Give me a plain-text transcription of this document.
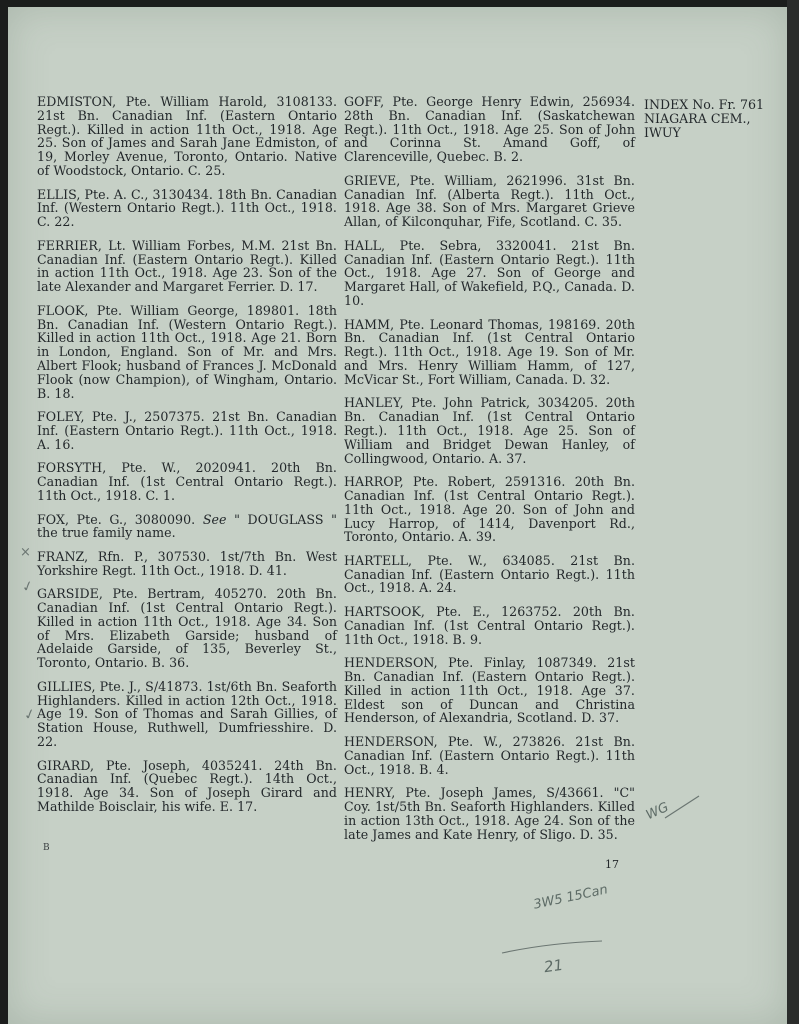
EDMISTON, Pte. William Harold, 3108133. 21st Bn. Canadian Inf. (Eastern Ontario Regt.). Killed in action 11th Oct., 1918. Age 25. Son of James and Sarah Jane Edmiston, of 19, Morley Avenue, Toronto, Ontario. Native of Woodstock, Ontario. C. 25.

ELLIS, Pte. A. C., 3130434. 18th Bn. Canadian Inf. (Western Ontario Regt.). 11th Oct., 1918. C. 22.

FERRIER, Lt. William Forbes, M.M. 21st Bn. Canadian Inf. (Eastern Ontario Regt.). Killed in action 11th Oct., 1918. Age 23. Son of the late Alexander and Margaret Ferrier. D. 17.

FLOOK, Pte. William George, 189801. 18th Bn. Canadian Inf. (Western Ontario Regt.). Killed in action 11th Oct., 1918. Age 21. Born in London, England. Son of Mr. and Mrs. Albert Flook; husband of Frances J. McDonald Flook (now Champion), of Wingham, Ontario. B. 18.

FOLEY, Pte. J., 2507375. 21st Bn. Canadian Inf. (Eastern Ontario Regt.). 11th Oct., 1918. A. 16.

FORSYTH, Pte. W., 2020941. 20th Bn. Canadian Inf. (1st Central Ontario Regt.). 11th Oct., 1918. C. 1.

FOX, Pte. G., 3080090. See " DOUGLASS " the true family name.

FRANZ, Rfn. P., 307530. 1st/7th Bn. West Yorkshire Regt. 11th Oct., 1918. D. 41.

GARSIDE, Pte. Bertram, 405270. 20th Bn. Canadian Inf. (1st Central Ontario Regt.). Killed in action 11th Oct., 1918. Age 34. Son of Mrs. Elizabeth Garside; husband of Adelaide Garside, of 135, Beverley St., Toronto, Ontario. B. 36.

GILLIES, Pte. J., S/41873. 1st/6th Bn. Seaforth Highlanders. Killed in action 12th Oct., 1918. Age 19. Son of Thomas and Sarah Gillies, of Station House, Ruthwell, Dumfriesshire. D. 22.

GIRARD, Pte. Joseph, 4035241. 24th Bn. Canadian Inf. (Quebec Regt.). 14th Oct., 1918. Age 34. Son of Joseph Girard and Mathilde Boisclair, his wife. E. 17.

GOFF, Pte. George Henry Edwin, 256934. 28th Bn. Canadian Inf. (Saskatchewan Regt.). 11th Oct., 1918. Age 25. Son of John and Corinna St. Amand Goff, of Clarenceville, Quebec. B. 2.

GRIEVE, Pte. William, 2621996. 31st Bn. Canadian Inf. (Alberta Regt.). 11th Oct., 1918. Age 38. Son of Mrs. Margaret Grieve Allan, of Kilconquhar, Fife, Scotland. C. 35.

HALL, Pte. Sebra, 3320041. 21st Bn. Canadian Inf. (Eastern Ontario Regt.). 11th Oct., 1918. Age 27. Son of George and Margaret Hall, of Wakefield, P.Q., Canada. D. 10.

HAMM, Pte. Leonard Thomas, 198169. 20th Bn. Canadian Inf. (1st Central Ontario Regt.). 11th Oct., 1918. Age 19. Son of Mr. and Mrs. Henry William Hamm, of 127, McVicar St., Fort William, Canada. D. 32.

HANLEY, Pte. John Patrick, 3034205. 20th Bn. Canadian Inf. (1st Central Ontario Regt.). 11th Oct., 1918. Age 25. Son of William and Bridget Dewan Hanley, of Collingwood, Ontario. A. 37.

HARROP, Pte. Robert, 2591316. 20th Bn. Canadian Inf. (1st Central Ontario Regt.). 11th Oct., 1918. Age 20. Son of John and Lucy Harrop, of 1414, Davenport Rd., Toronto, Ontario. A. 39.

HARTELL, Pte. W., 634085. 21st Bn. Canadian Inf. (Eastern Ontario Regt.). 11th Oct., 1918. A. 24.

HARTSOOK, Pte. E., 1263752. 20th Bn. Canadian Inf. (1st Central Ontario Regt.). 11th Oct., 1918. B. 9.

HENDERSON, Pte. Finlay, 1087349. 21st Bn. Canadian Inf. (Eastern Ontario Regt.). Killed in action 11th Oct., 1918. Age 37. Eldest son of Duncan and Christina Henderson, of Alexandria, Scotland. D. 37.

HENDERSON, Pte. W., 273826. 21st Bn. Canadian Inf. (Eastern Ontario Regt.). 11th Oct., 1918. B. 4.

HENRY, Pte. Joseph James, S/43661. "C" Coy. 1st/5th Bn. Seaforth Highlanders. Killed in action 13th Oct., 1918. Age 24. Son of the late James and Kate Henry, of Sligo. D. 35.

INDEX No. Fr. 761
NIAGARA CEM.,
IWUY
B
17
WG
3W5 15Can
21
×
✓
✓
